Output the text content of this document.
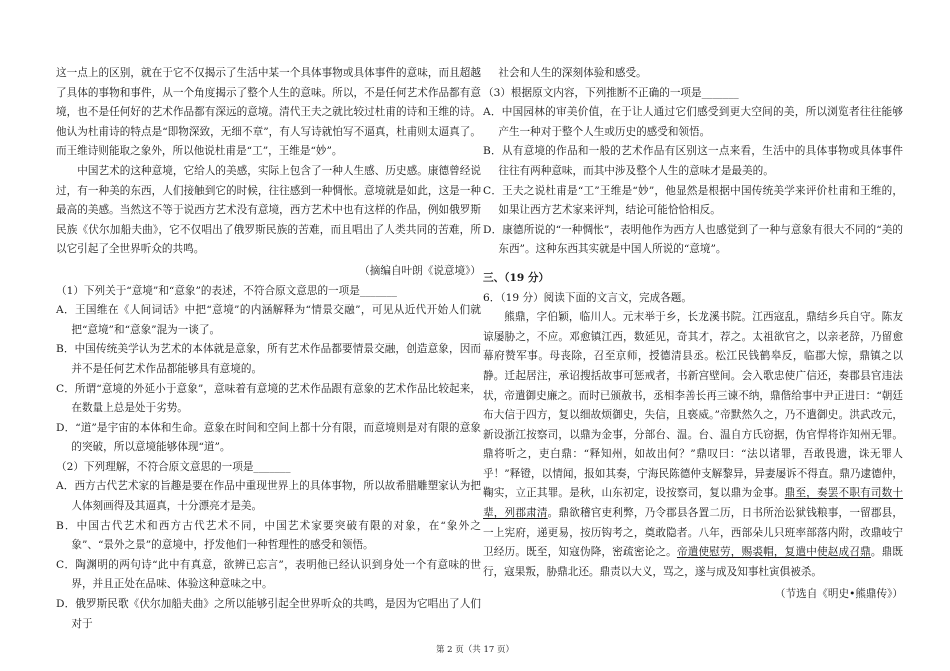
这一点上的区别，就在于它不仅揭示了生活中某一个具体事物或具体事件的意味，而且超越了具体的事物和事件，从一个角度揭示了整个人生的意味。所以，不是任何艺术作品都有意境，也不是任何好的艺术作品都有深远的意境。清代王夫之就比较过杜甫的诗和王维的诗。他认为杜甫诗的特点是“即物深致，无细不章”，有人写诗就怕写不逼真，杜甫则太逼真了。而王维诗则能取之象外，所以他说杜甫是“工”，王维是“妙”。

中国艺术的这种意境，它给人的美感，实际上包含了一种人生感、历史感。康德曾经说过，有一种美的东西，人们接触到它的时候，往往感到一种惆怅。意境就是如此，这是一种最高的美感。当然这不等于说西方艺术没有意境，西方艺术中也有这样的作品，例如俄罗斯民族《伏尔加船夫曲》，它不仅唱出了俄罗斯民族的苦难，而且唱出了人类共同的苦难，所以它引起了全世界听众的共鸣。

（摘编自叶朗《说意境》）

（1）下列关于“意境”和“意象”的表述，不符合原文意思的一项是_______

A．王国维在《人间词话》中把“意境”的内涵解释为“情景交融”，可见从近代开始人们就把“意境”和“意象”混为一谈了。

B．中国传统美学认为艺术的本体就是意象，所有艺术作品都要情景交融，创造意象，因而并不是任何艺术作品都能够具有意境的。

C．所谓“意境的外延小于意象”，意味着有意境的艺术作品跟有意象的艺术作品比较起来，在数量上总是处于劣势。

D．“道”是宇宙的本体和生命。意象在时间和空间上都十分有限，而意境则是对有限的意象的突破，所以意境能够体现“道”。

（2）下列理解，不符合原文意思的一项是_______

A．西方古代艺术家的旨趣是要在作品中重现世界上的具体事物，所以故希腊雕塑家认为把人体刻画得及其逼真，十分漂亮才是美。

B．中国古代艺术和西方古代艺术不同，中国艺术家要突破有限的对象，在“象外之象”、“景外之景”的意境中，抒发他们一种哲理性的感受和领悟。

C．陶渊明的两句诗“此中有真意，欲辨已忘言”，表明他已经认识到身处一个有意味的世界，并且正处在品味、体验这种意味之中。

D．俄罗斯民歌《伏尔加船夫曲》之所以能够引起全世界听众的共鸣，是因为它唱出了人们对于

社会和人生的深刻体验和感受。

（3）根据原文内容，下列推断不正确的一项是_______

A．中国园林的审美价值，在于让人通过它们感受到更大空间的美，所以浏览者往往能够产生一种对于整个人生或历史的感受和领悟。

B．从有意境的作品和一般的艺术作品有区别这一点来看，生活中的具体事物或具体事件往往有两种意味，而其中涉及整个人生的意味才是最美的。

C．王夫之说杜甫是“工”王维是“妙”，他显然是根据中国传统美学来评价杜甫和王维的，如果让西方艺术家来评判，结论可能恰恰相反。

D．康德所说的“一种惆怅”，表明他作为西方人也感觉到了一种与意象有很大不同的“美的东西”。这种东西其实就是中国人所说的“意境”。

三、（19 分）

6．（19 分）阅读下面的文言文，完成各题。

熊鼎，字伯颖，临川人。元末举于乡，长龙溪书院。江西寇乱，鼎结乡兵自守。陈友谅屡胁之，不应。邓愈镇江西，数延见，奇其才，荐之。太祖欲官之，以亲老辞，乃留愈幕府赞军事。母丧除，召至京师，授德清县丞。松江民钱鹤皋反，临郡大惊，鼎镇之以静。迁起居注，承诏搜括故事可惩戒者，书新宫壁间。会入歌忠使广信还，奏郡县官违法状，帝遣御史廉之。而时已颁赦书，丞相李善长再三谏不纳，鼎偕给事中尹正进曰：“朝廷布大信于四方，复以细故烦御史，失信，且亵威。”帝默然久之，乃不遣御史。洪武改元，新设浙江按察司，以鼎为金事，分部台、温。台、温自方氏窃据，伪官悍将诈知州无罪。鼎将听之，吏白鼎：“释知州，如故出何？”鼎叹曰：“法以诸罪，吾敢畏遗，诛无罪人乎！”释镫，以情闻，报如其奏，宁海民陈德仲支解黎异，异妻屡诉不得直。鼎乃逮德仲，鞠实，立正其罪。是秋，山东初定，设按察司，复以鼎为金事。鼎至，奏罢不职有司数十辈，列郡肃清。鼎欲稽官吏利弊，乃令郡县各置二历，日书所治讼狱钱粮事，一留郡县，一上宪府，递更易，按历钩考之，奠敢隐者。八年，西部朵儿只班率部落内附，改鼎岐宁卫经历。既至，知寇伪降，密疏密论之。帝遣使慰劳，赐裘帽，复遣中使赵成召鼎。鼎既行，寇果叛，胁鼎北还。鼎责以大义，骂之，遂与成及知事杜寅俱被杀。

（节选自《明史•熊鼎传》）

第 2 页（共 17 页）
